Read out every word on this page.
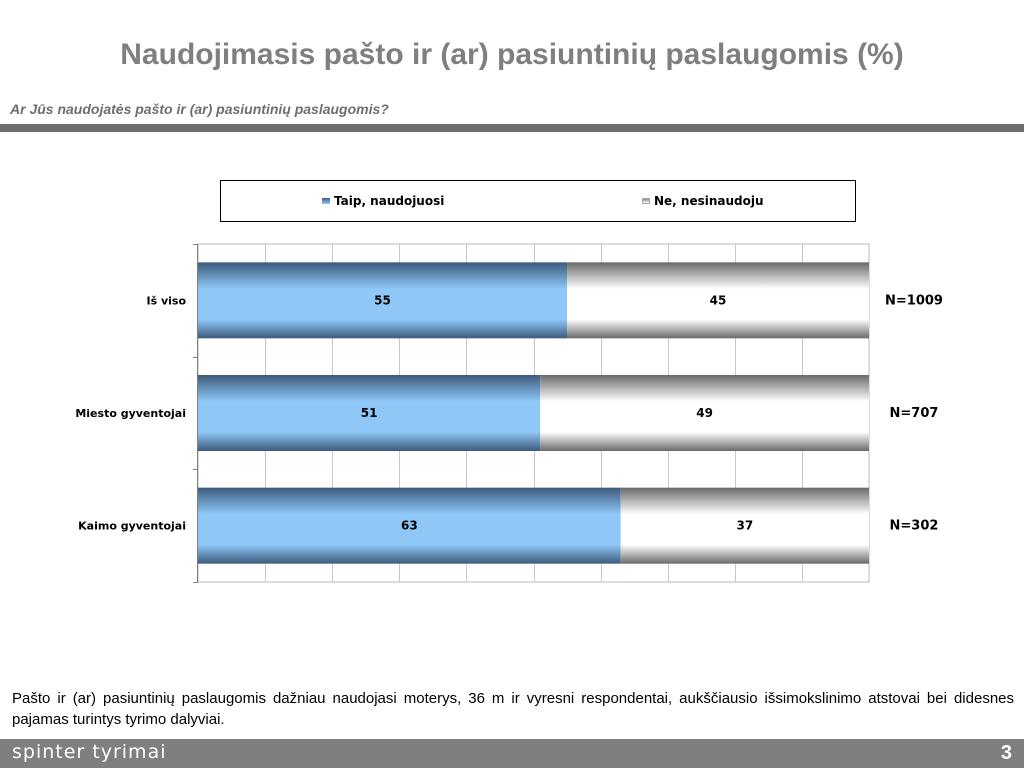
Naudojimasis pašto ir (ar) pasiuntinių paslaugomis (%)
Ar Jūs naudojatės pašto ir (ar) pasiuntinių paslaugomis?
Taip, naudojuosi	Ne, nesinaudoju
55	45
Iš viso	N=1009
51	49
Miesto gyventojai	N=707
63	37
Kaimo gyventojai	N=302
Pašto ir (ar) pasiuntinių paslaugomis dažniau naudojasi moterys, 36 m ir vyresni respondentai, aukščiausio išsimokslinimo atstovai bei didesnes pajamas turintys tyrimo dalyviai.
spinter tyrimai	3
